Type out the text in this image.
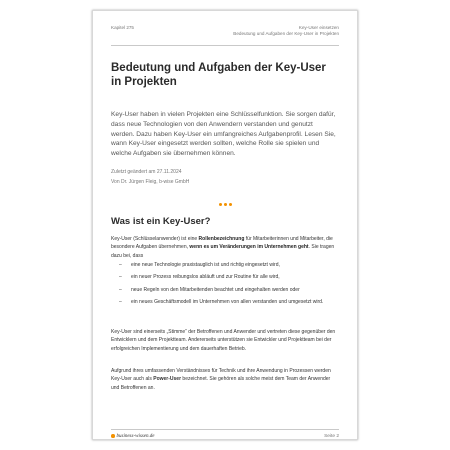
Kapitel 275	Key-User einsetzen
Bedeutung und Aufgaben der Key-User in Projekten
Bedeutung und Aufgaben der Key-User in Projekten
Key-User haben in vielen Projekten eine Schlüsselfunktion. Sie sorgen dafür, dass neue Technologien von den Anwendern verstanden und genutzt werden. Dazu haben Key-User ein umfangreiches Aufgabenprofil. Lesen Sie, wann Key-User eingesetzt werden sollten, welche Rolle sie spielen und welche Aufgaben sie übernehmen können.
Zuletzt geändert am 27.11.2024
Von Dr. Jürgen Fleig, b-wise GmbH
Was ist ein Key-User?
Key-User (Schlüsselanwender) ist eine Rollenbezeichnung für Mitarbeiterinnen und Mitarbeiter, die besondere Aufgaben übernehmen, wenn es um Veränderungen im Unternehmen geht. Sie tragen dazu bei, dass
– eine neue Technologie praxistauglich ist und richtig eingesetzt wird,
– ein neuer Prozess reibungslos abläuft und zur Routine für alle wird,
– neue Regeln von den Mitarbeitenden beachtet und eingehalten werden oder
– ein neues Geschäftsmodell im Unternehmen von allen verstanden und umgesetzt wird.
Key-User sind einerseits „Stimme“ der Betroffenen und Anwender und vertreten diese gegenüber den Entwicklern und dem Projektteam. Andererseits unterstützen sie Entwickler und Projektteam bei der erfolgreichen Implementierung und dem dauerhaften Betrieb.
Aufgrund ihres umfassenden Verständnisses für Technik und ihre Anwendung in Prozessen werden Key-User auch als Power-User bezeichnet. Sie gehören als solche meist dem Team der Anwender und Betroffenen an.
business-wissen.de	Seite 2
